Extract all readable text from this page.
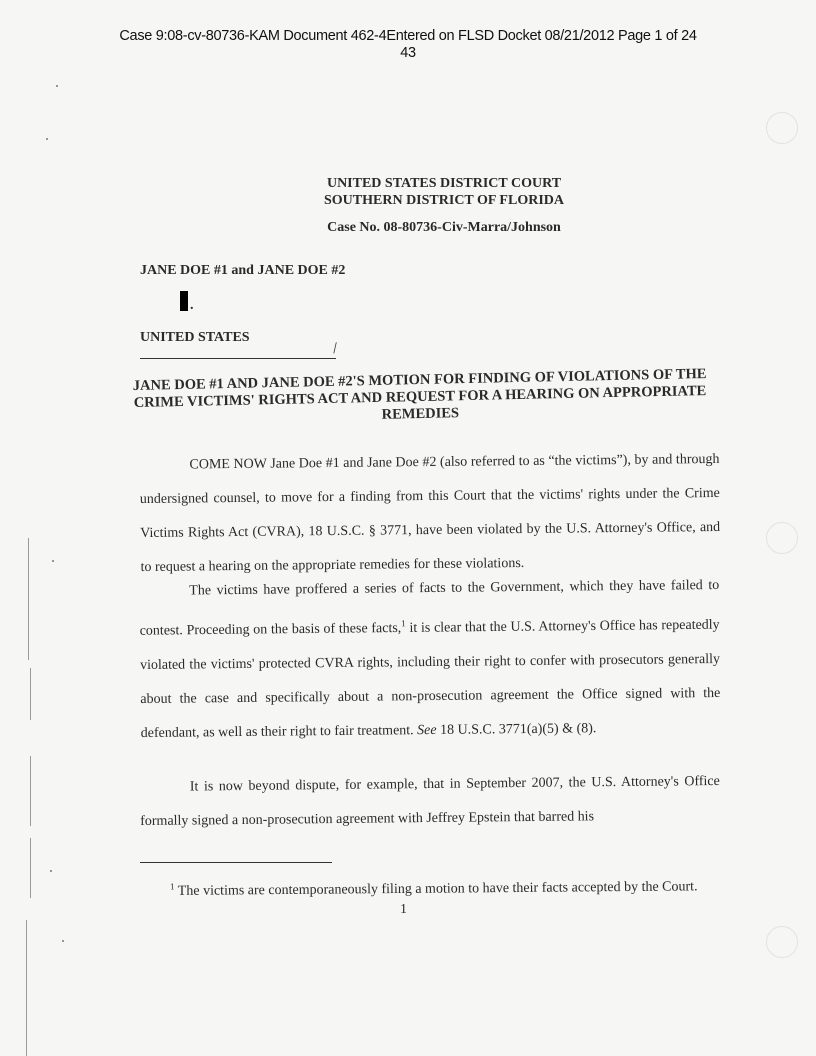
Case 9:08-cv-80736-KAM Document 462-4Entered on FLSD Docket 08/21/2012 Page 1 of 24
43
UNITED STATES DISTRICT COURT
SOUTHERN DISTRICT OF FLORIDA
Case No. 08-80736-Civ-Marra/Johnson
JANE DOE #1 and JANE DOE #2
.
UNITED STATES
/
JANE DOE #1 AND JANE DOE #2'S MOTION FOR FINDING OF VIOLATIONS OF THE CRIME VICTIMS' RIGHTS ACT AND REQUEST FOR A HEARING ON APPROPRIATE REMEDIES
COME NOW Jane Doe #1 and Jane Doe #2 (also referred to as “the victims”), by and through undersigned counsel, to move for a finding from this Court that the victims' rights under the Crime Victims Rights Act (CVRA), 18 U.S.C. § 3771, have been violated by the U.S. Attorney's Office, and to request a hearing on the appropriate remedies for these violations.
The victims have proffered a series of facts to the Government, which they have failed to contest. Proceeding on the basis of these facts,$^1$ it is clear that the U.S. Attorney's Office has repeatedly violated the victims' protected CVRA rights, including their right to confer with prosecutors generally about the case and specifically about a non-prosecution agreement the Office signed with the defendant, as well as their right to fair treatment. See 18 U.S.C. 3771(a)(5) & (8).
It is now beyond dispute, for example, that in September 2007, the U.S. Attorney's Office formally signed a non-prosecution agreement with Jeffrey Epstein that barred his
$^1$ The victims are contemporaneously filing a motion to have their facts accepted by the Court.
1
